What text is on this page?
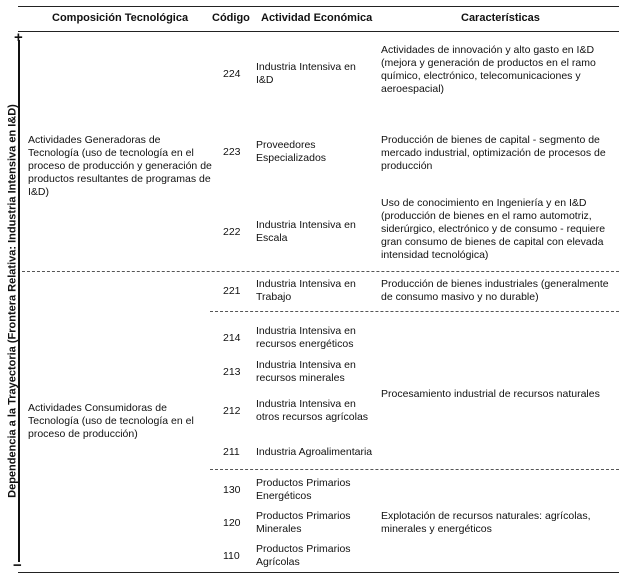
Composición Tecnológica Código Actividad Económica	Características
+
−
Dependencia a la Trayectoria (Frontera Relativa: Industria Intensiva en I&D) Actividades Generadoras de Tecnología (uso de tecnología en el proceso de producción y generación de productos resultantes de programas de I&D)
Actividades Consumidoras de Tecnología (uso de tecnología en el proceso de producción)
224
Industria Intensiva en I&D
223
Proveedores Especializados
222
Industria Intensiva en Escala
221
Industria Intensiva en Trabajo
214
Industria Intensiva en recursos energéticos
213
Industria Intensiva en recursos minerales
212
Industria Intensiva en otros recursos agrícolas
211	Industria Agroalimentaria
130
Productos Primarios Energéticos
120
Productos Primarios Minerales
110
Productos Primarios Agrícolas
Actividades de innovación y alto gasto en I&D (mejora y generación de productos en el ramo químico, electrónico, telecomunicaciones y aeroespacial)
Producción de bienes de capital - segmento de mercado industrial, optimización de procesos de producción
Uso de conocimiento en Ingeniería y en I&D (producción de bienes en el ramo automotriz, siderúrgico, electrónico y de consumo - requiere gran consumo de bienes de capital con elevada intensidad tecnológica)
Producción de bienes industriales (generalmente de consumo masivo y no durable)
Procesamiento industrial de recursos naturales
Explotación de recursos naturales: agrícolas, minerales y energéticos
